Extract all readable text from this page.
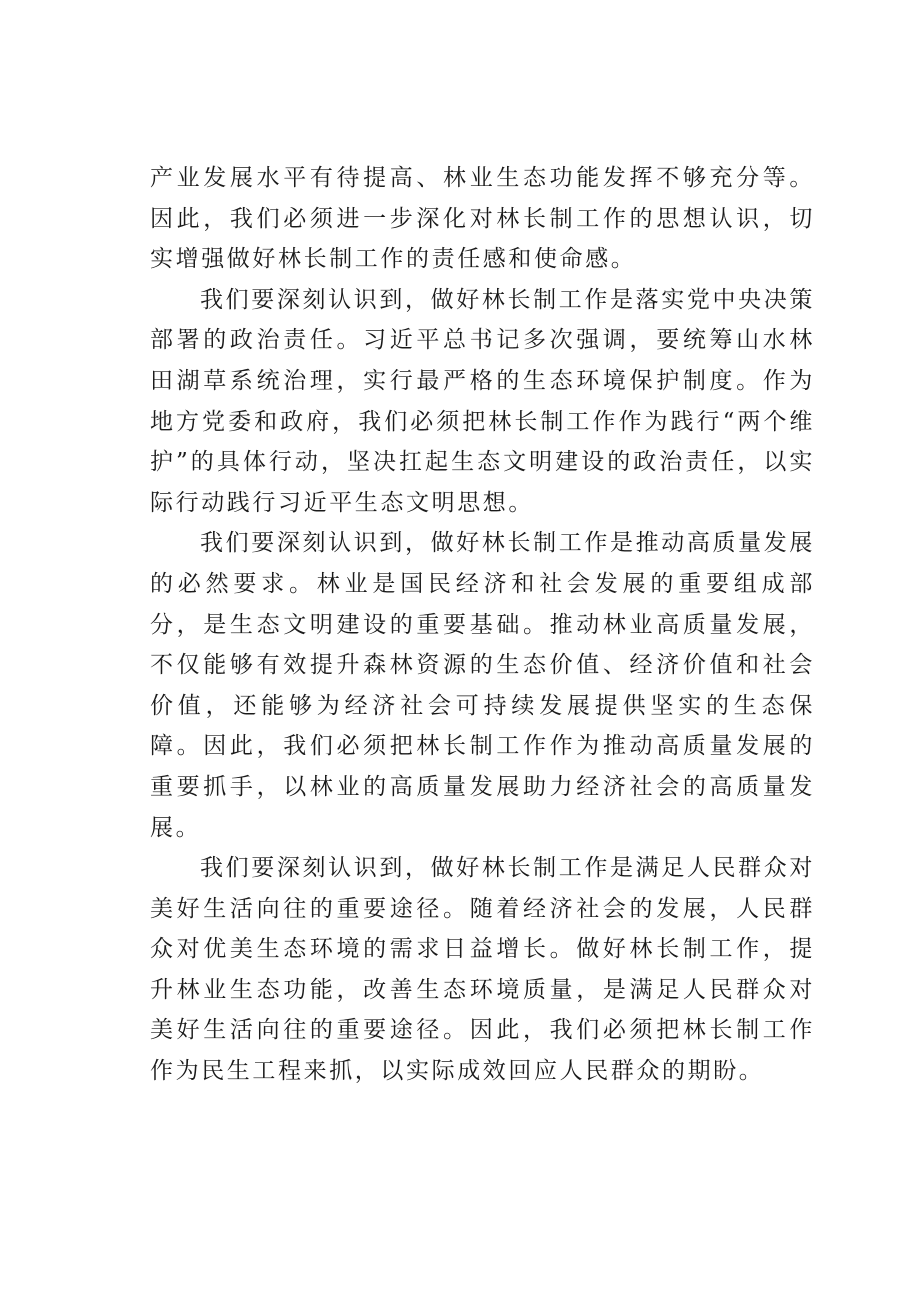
产业发展水平有待提高、林业生态功能发挥不够充分等。因此，我们必须进一步深化对林长制工作的思想认识，切实增强做好林长制工作的责任感和使命感。

我们要深刻认识到，做好林长制工作是落实党中央决策部署的政治责任。习近平总书记多次强调，要统筹山水林田湖草系统治理，实行最严格的生态环境保护制度。作为地方党委和政府，我们必须把林长制工作作为践行“两个维护”的具体行动，坚决扛起生态文明建设的政治责任，以实际行动践行习近平生态文明思想。

我们要深刻认识到，做好林长制工作是推动高质量发展的必然要求。林业是国民经济和社会发展的重要组成部分，是生态文明建设的重要基础。推动林业高质量发展，不仅能够有效提升森林资源的生态价值、经济价值和社会价值，还能够为经济社会可持续发展提供坚实的生态保障。因此，我们必须把林长制工作作为推动高质量发展的重要抓手，以林业的高质量发展助力经济社会的高质量发展。

我们要深刻认识到，做好林长制工作是满足人民群众对美好生活向往的重要途径。随着经济社会的发展，人民群众对优美生态环境的需求日益增长。做好林长制工作，提升林业生态功能，改善生态环境质量，是满足人民群众对美好生活向往的重要途径。因此，我们必须把林长制工作作为民生工程来抓，以实际成效回应人民群众的期盼。
